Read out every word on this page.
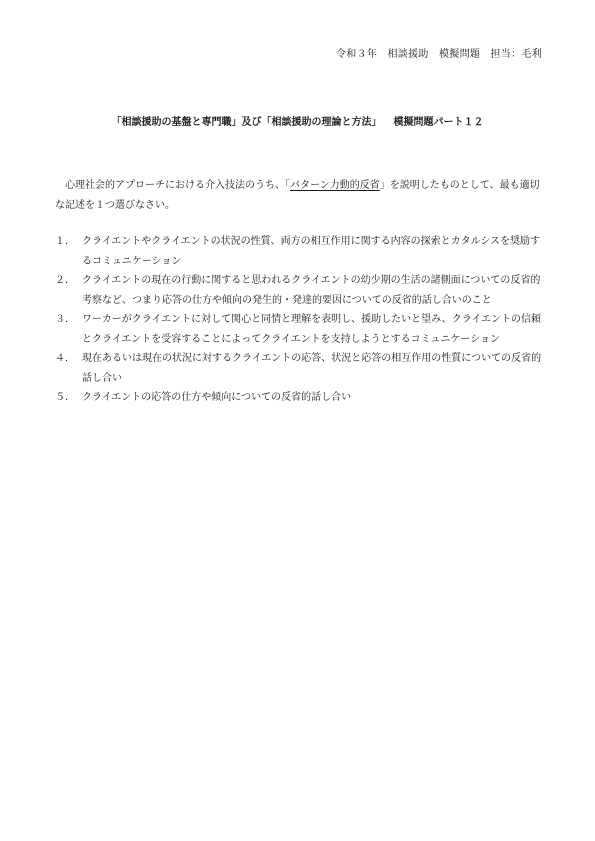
令和３年　相談援助　模擬問題　担当：毛利
「相談援助の基盤と専門職」及び「相談援助の理論と方法」 模擬問題パート１２

心理社会的アプローチにおける介入技法のうち、「パターン力動的反省」を説明したものとして、最も適切な記述を１つ選びなさい。

１． クライエントやクライエントの状況の性質、両方の相互作用に関する内容の探索とカタルシスを奨励するコミュニケーション
２． クライエントの現在の行動に関すると思われるクライエントの幼少期の生活の諸側面についての反省的考察など、つまり応答の仕方や傾向の発生的・発達的要因についての反省的話し合いのこと
３． ワーカーがクライエントに対して関心と同情と理解を表明し、援助したいと望み、クライエントの信頼とクライエントを受容することによってクライエントを支持しようとするコミュニケーション
４． 現在あるいは現在の状況に対するクライエントの応答、状況と応答の相互作用の性質についての反省的話し合い
５． クライエントの応答の仕方や傾向についての反省的話し合い
